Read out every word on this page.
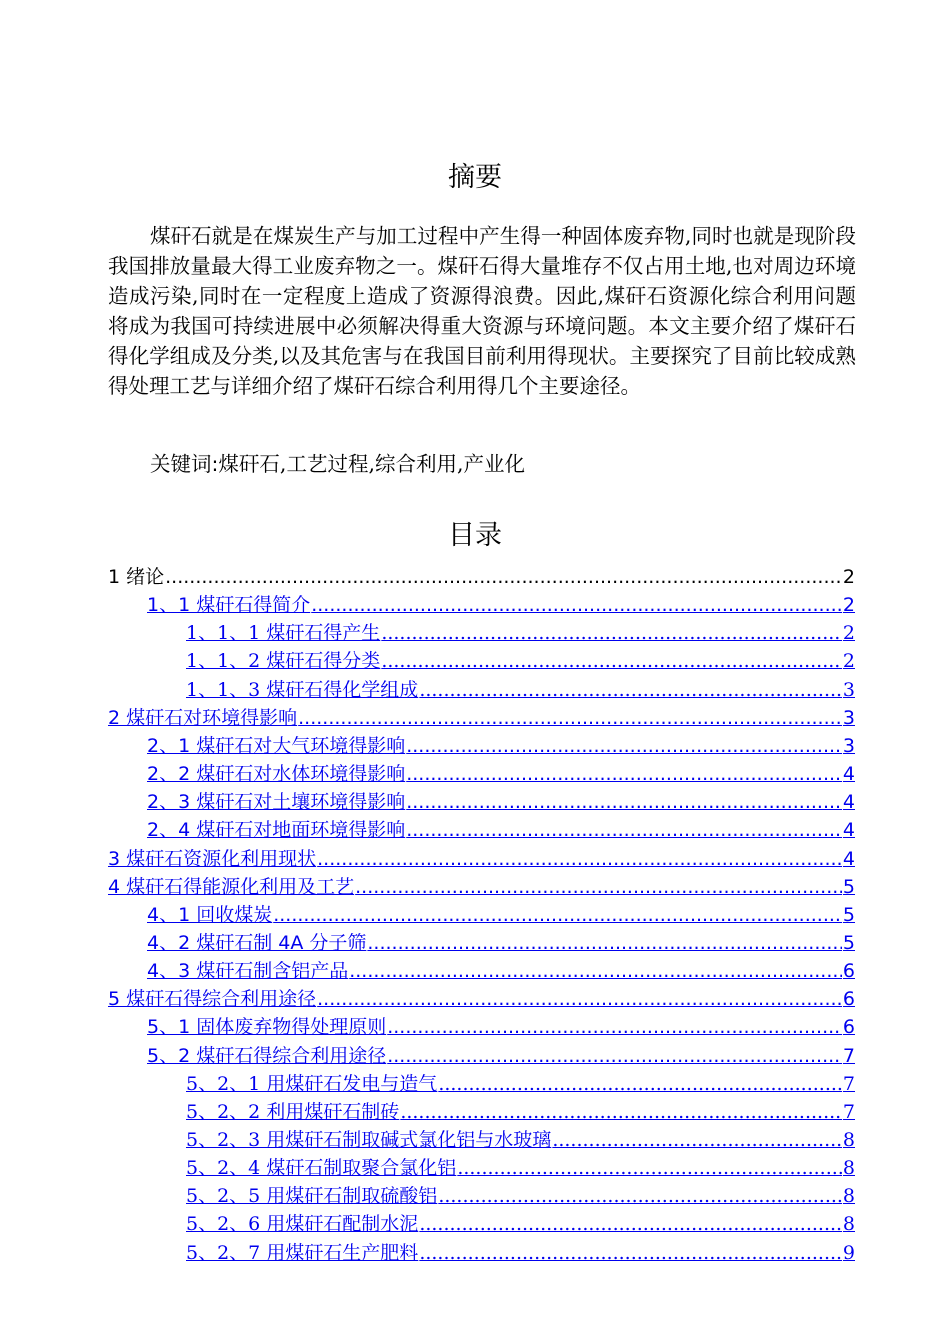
摘要

煤矸石就是在煤炭生产与加工过程中产生得一种固体废弃物,同时也就是现阶段我国排放量最大得工业废弃物之一。煤矸石得大量堆存不仅占用土地,也对周边环境造成污染,同时在一定程度上造成了资源得浪费。因此,煤矸石资源化综合利用问题将成为我国可持续进展中必须解决得重大资源与环境问题。本文主要介绍了煤矸石得化学组成及分类,以及其危害与在我国目前利用得现状。主要探究了目前比较成熟得处理工艺与详细介绍了煤矸石综合利用得几个主要途径。

关键词:煤矸石,工艺过程,综合利用,产业化
目录
1 绪论 .....	2
1、1 煤矸石得简介 .....	2
1、1、1 煤矸石得产生 .....	2
1、1、2 煤矸石得分类 .....	2
1、1、3 煤矸石得化学组成 .....	3
2 煤矸石对环境得影响 .....	3
2、1 煤矸石对大气环境得影响 .....	3
2、2 煤矸石对水体环境得影响 .....	4
2、3 煤矸石对土壤环境得影响 .....	4
2、4 煤矸石对地面环境得影响 .....	4
3 煤矸石资源化利用现状 .....	4
4 煤矸石得能源化利用及工艺 .....	5
4、1 回收煤炭 .....	5
4、2 煤矸石制 4A 分子筛 .....	5
4、3 煤矸石制含铝产品 .....	6
5 煤矸石得综合利用途径 .....	6
5、1 固体废弃物得处理原则 .....	6
5、2 煤矸石得综合利用途径 .....	7
5、2、1 用煤矸石发电与造气 .....	7
5、2、2 利用煤矸石制砖 .....	7
5、2、3 用煤矸石制取碱式氯化铝与水玻璃 .....	8
5、2、4 煤矸石制取聚合氯化铝 .....	8
5、2、5 用煤矸石制取硫酸铝 .....	8
5、2、6 用煤矸石配制水泥 .....	8
5、2、7 用煤矸石生产肥料 .....	9
